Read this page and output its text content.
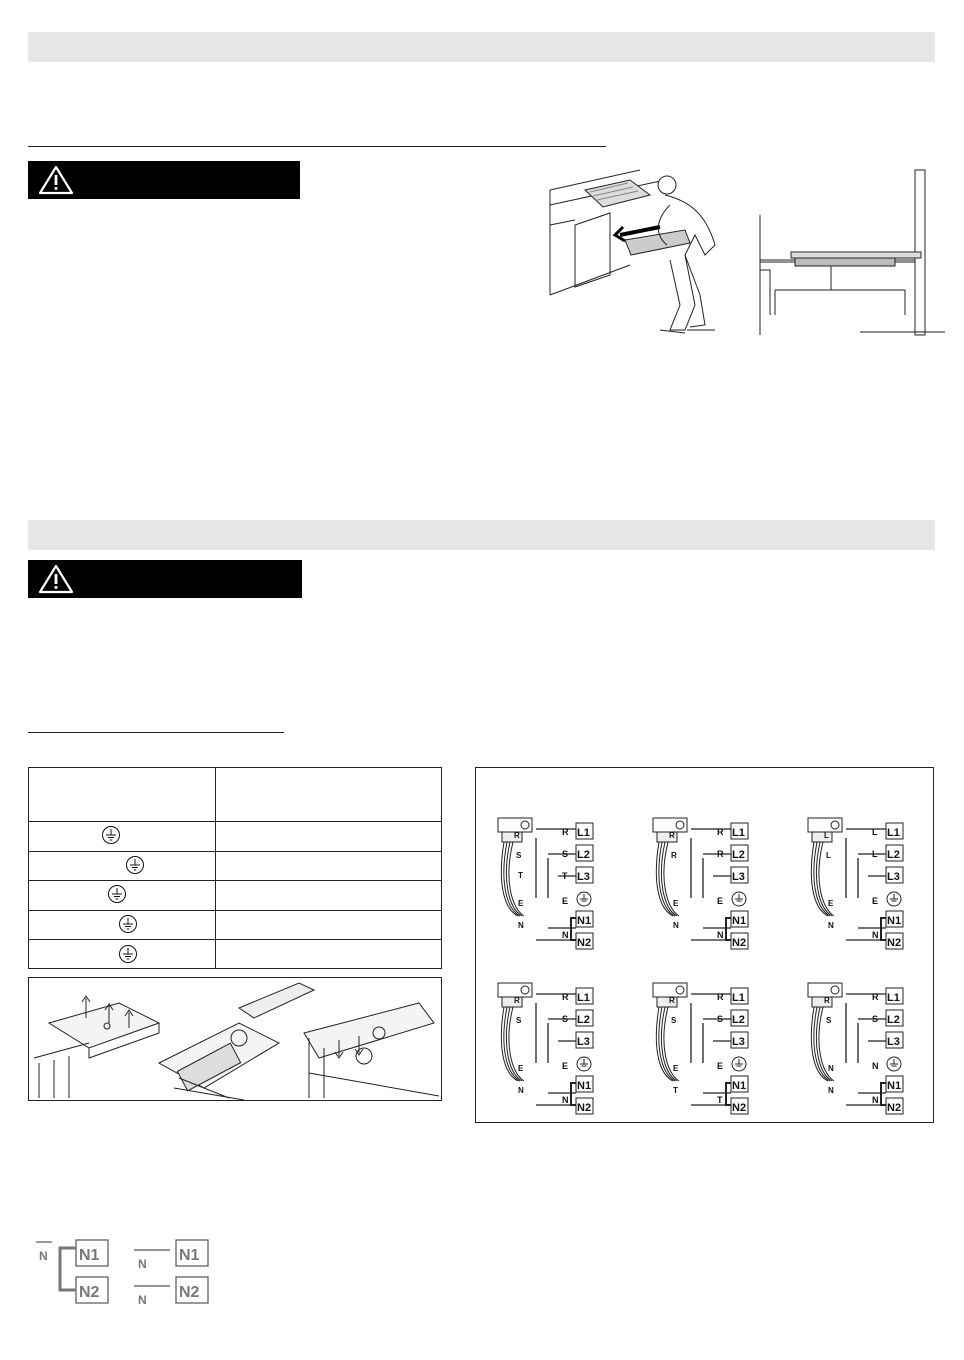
L1
L2
L3
N1
N2
R	R
S	S
T	T
E	E
N
N
L1
L2
L3
N1
N2
R	R
R	R
E	E
N
N
L1
L2
L3
N1
N2
L	L
L	L
E	E
N
N
L1
L2
L3
N1
N2
R	R
S	S
E	E
N
N
L1
L2
L3
N1
N2
R	R
S	S
E	E
T
T
L1
L2
L3
N1
N2
R	R
S	S
N	N
N
N
N N1
N2
N
N
N1
N2
